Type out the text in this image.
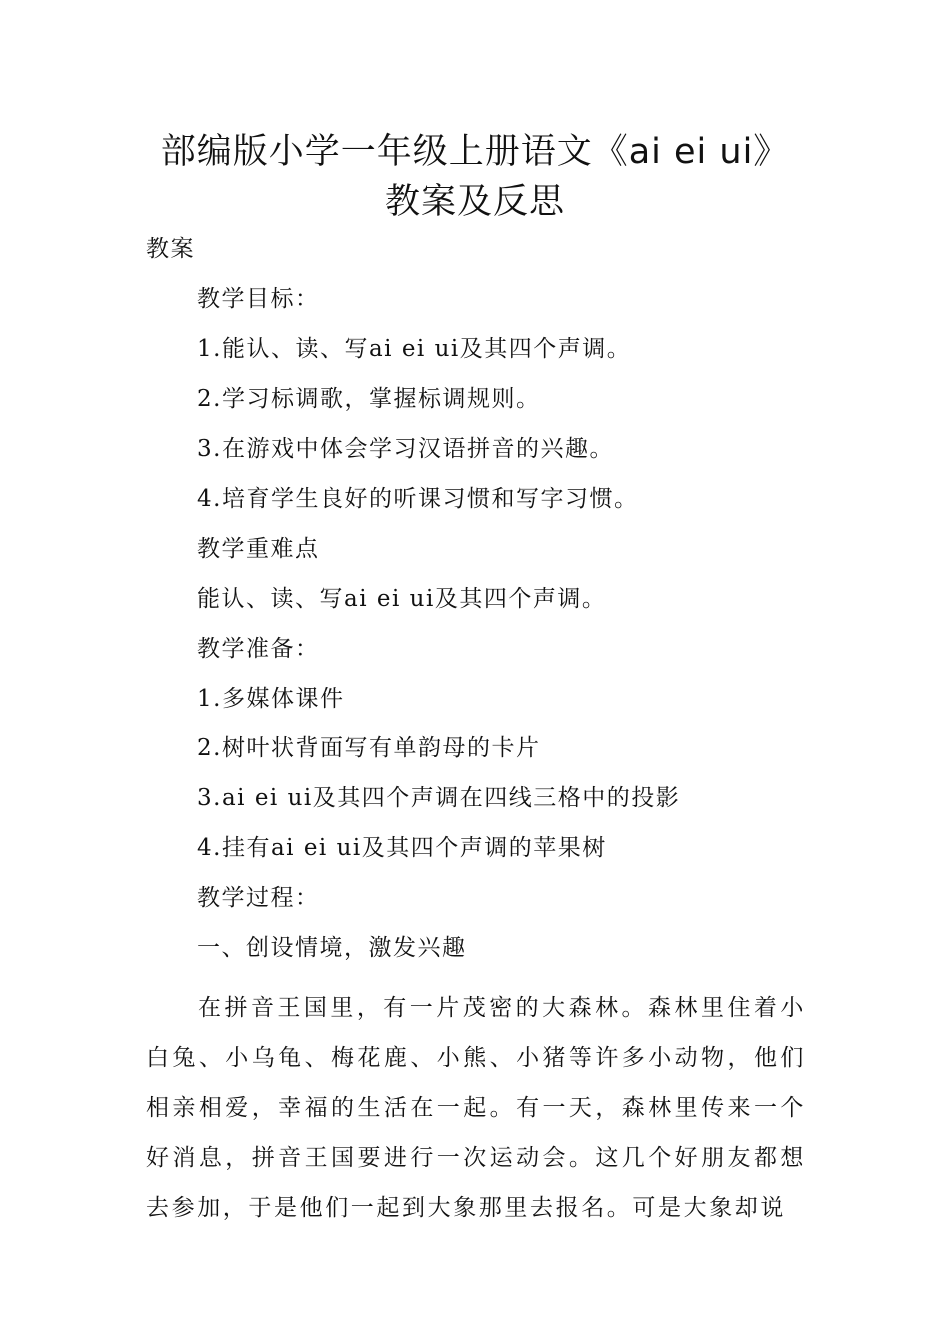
部编版小学一年级上册语文《ai ei ui》
教案及反思
教案
教学目标：
1.能认、读、写ai ei ui及其四个声调。
2.学习标调歌，掌握标调规则。
3.在游戏中体会学习汉语拼音的兴趣。
4.培育学生良好的听课习惯和写字习惯。
教学重难点
能认、读、写ai ei ui及其四个声调。
教学准备：
1.多媒体课件
2.树叶状背面写有单韵母的卡片
3.ai ei ui及其四个声调在四线三格中的投影
4.挂有ai ei ui及其四个声调的苹果树
教学过程：
一、创设情境，激发兴趣
在拼音王国里，有一片茂密的大森林。森林里住着小白兔、小乌龟、梅花鹿、小熊、小猪等许多小动物，他们相亲相爱，幸福的生活在一起。有一天，森林里传来一个好消息，拼音王国要进行一次运动会。这几个好朋友都想去参加，于是他们一起到大象那里去报名。可是大象却说
